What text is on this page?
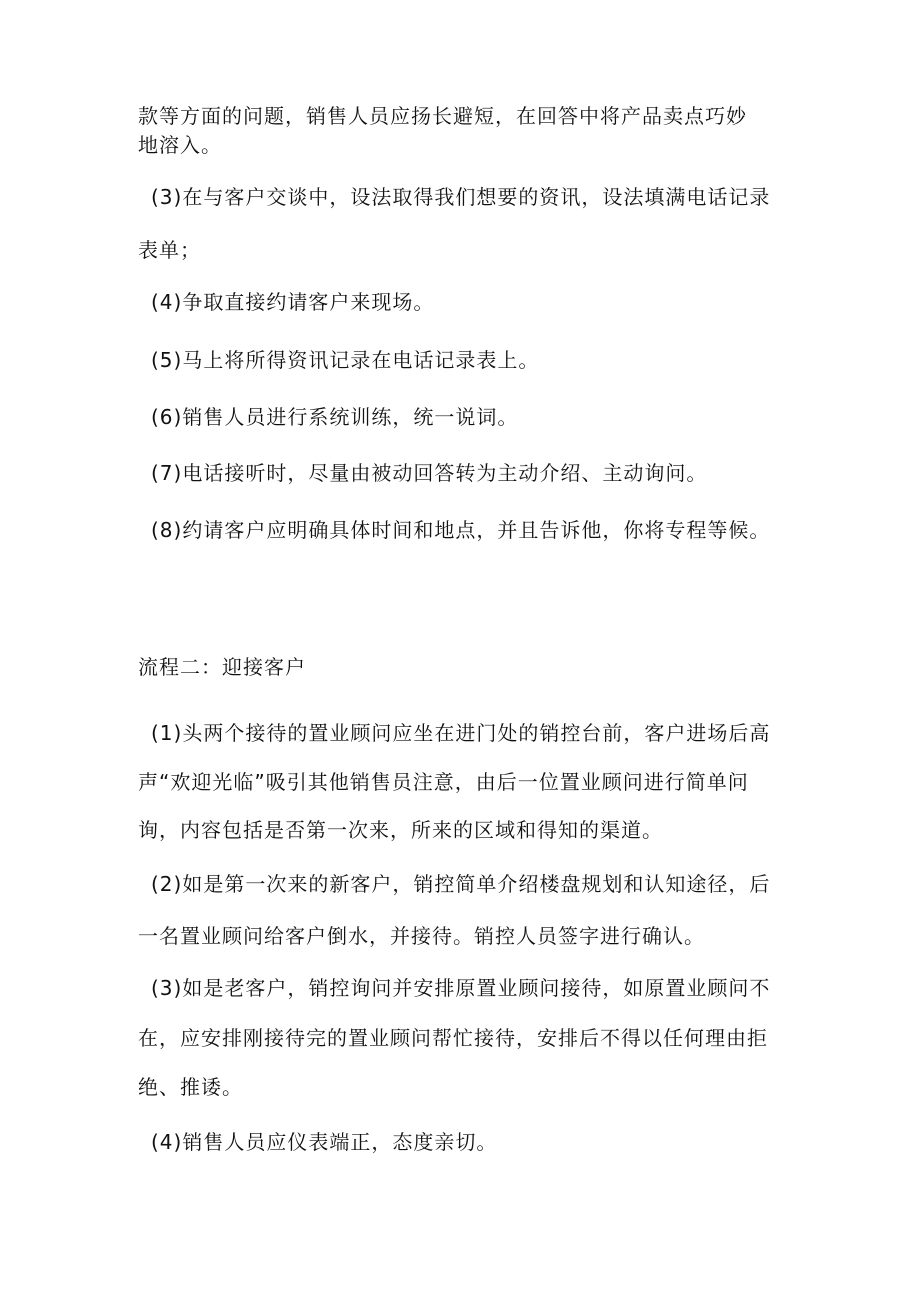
款等方面的问题，销售人员应扬长避短，在回答中将产品卖点巧妙

地溶入。

(3)在与客户交谈中，设法取得我们想要的资讯，设法填满电话记录

表单；

(4)争取直接约请客户来现场。

(5)马上将所得资讯记录在电话记录表上。

(6)销售人员进行系统训练，统一说词。

(7)电话接听时，尽量由被动回答转为主动介绍、主动询问。

(8)约请客户应明确具体时间和地点，并且告诉他，你将专程等候。

流程二：迎接客户

(1)头两个接待的置业顾问应坐在进门处的销控台前，客户进场后高

声“欢迎光临”吸引其他销售员注意，由后一位置业顾问进行简单问

询，内容包括是否第一次来，所来的区域和得知的渠道。

(2)如是第一次来的新客户，销控简单介绍楼盘规划和认知途径，后

一名置业顾问给客户倒水，并接待。销控人员签字进行确认。

(3)如是老客户，销控询问并安排原置业顾问接待，如原置业顾问不

在，应安排刚接待完的置业顾问帮忙接待，安排后不得以任何理由拒

绝、推诿。

(4)销售人员应仪表端正，态度亲切。
